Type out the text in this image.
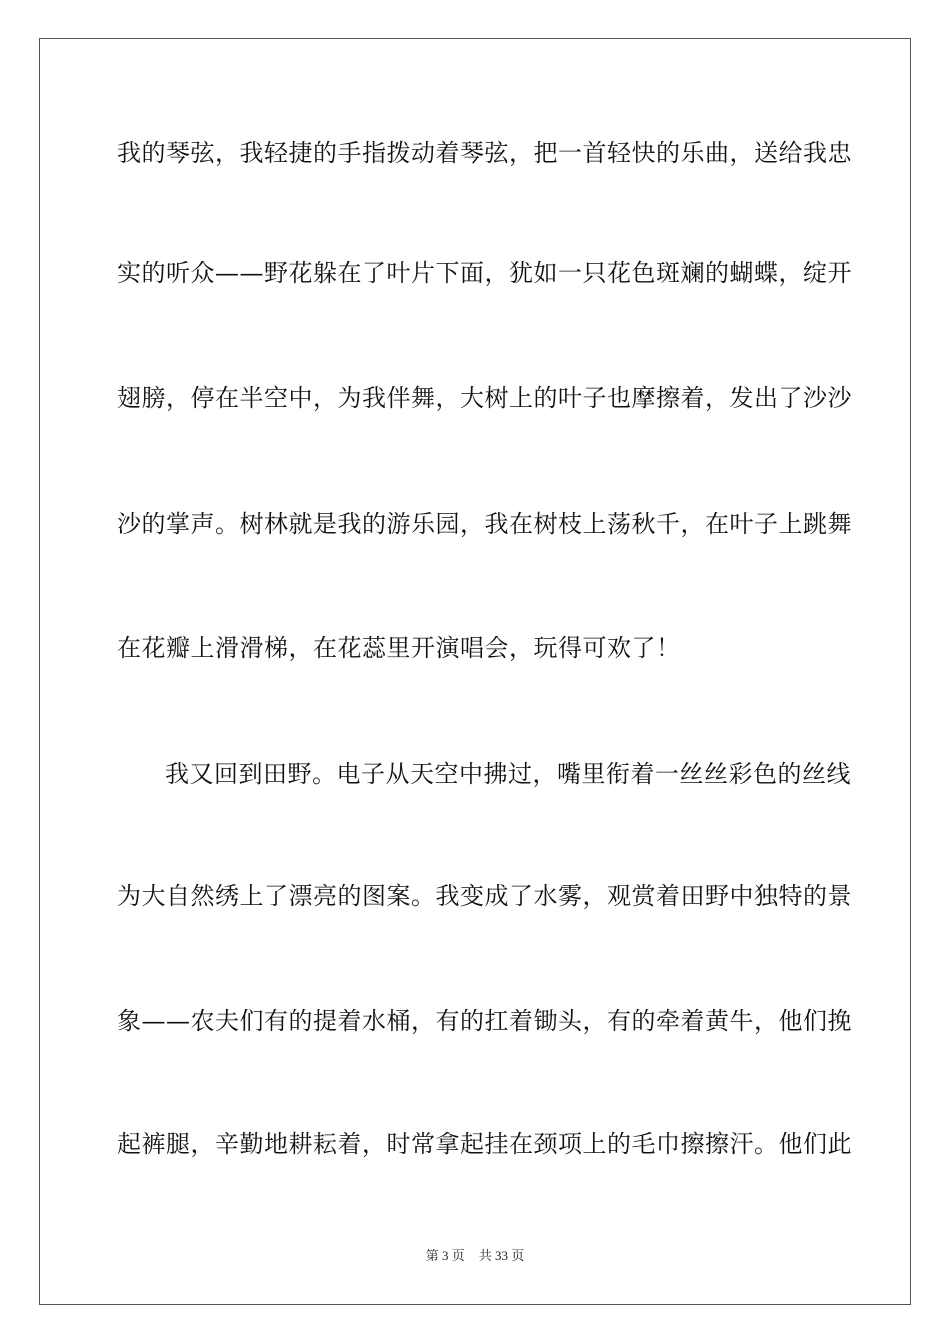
我的琴弦，我轻捷的手指拨动着琴弦，把一首轻快的乐曲，送给我忠
实的听众——野花躲在了叶片下面，犹如一只花色斑斓的蝴蝶，绽开
翅膀，停在半空中，为我伴舞，大树上的叶子也摩擦着，发出了沙沙
沙的掌声。树林就是我的游乐园，我在树枝上荡秋千，在叶子上跳舞
在花瓣上滑滑梯，在花蕊里开演唱会，玩得可欢了！
我又回到田野。电子从天空中拂过，嘴里衔着一丝丝彩色的丝线
为大自然绣上了漂亮的图案。我变成了水雾，观赏着田野中独特的景
象——农夫们有的提着水桶，有的扛着锄头，有的牵着黄牛，他们挽
起裤腿，辛勤地耕耘着，时常拿起挂在颈项上的毛巾擦擦汗。他们此
第 3 页 共 33 页
